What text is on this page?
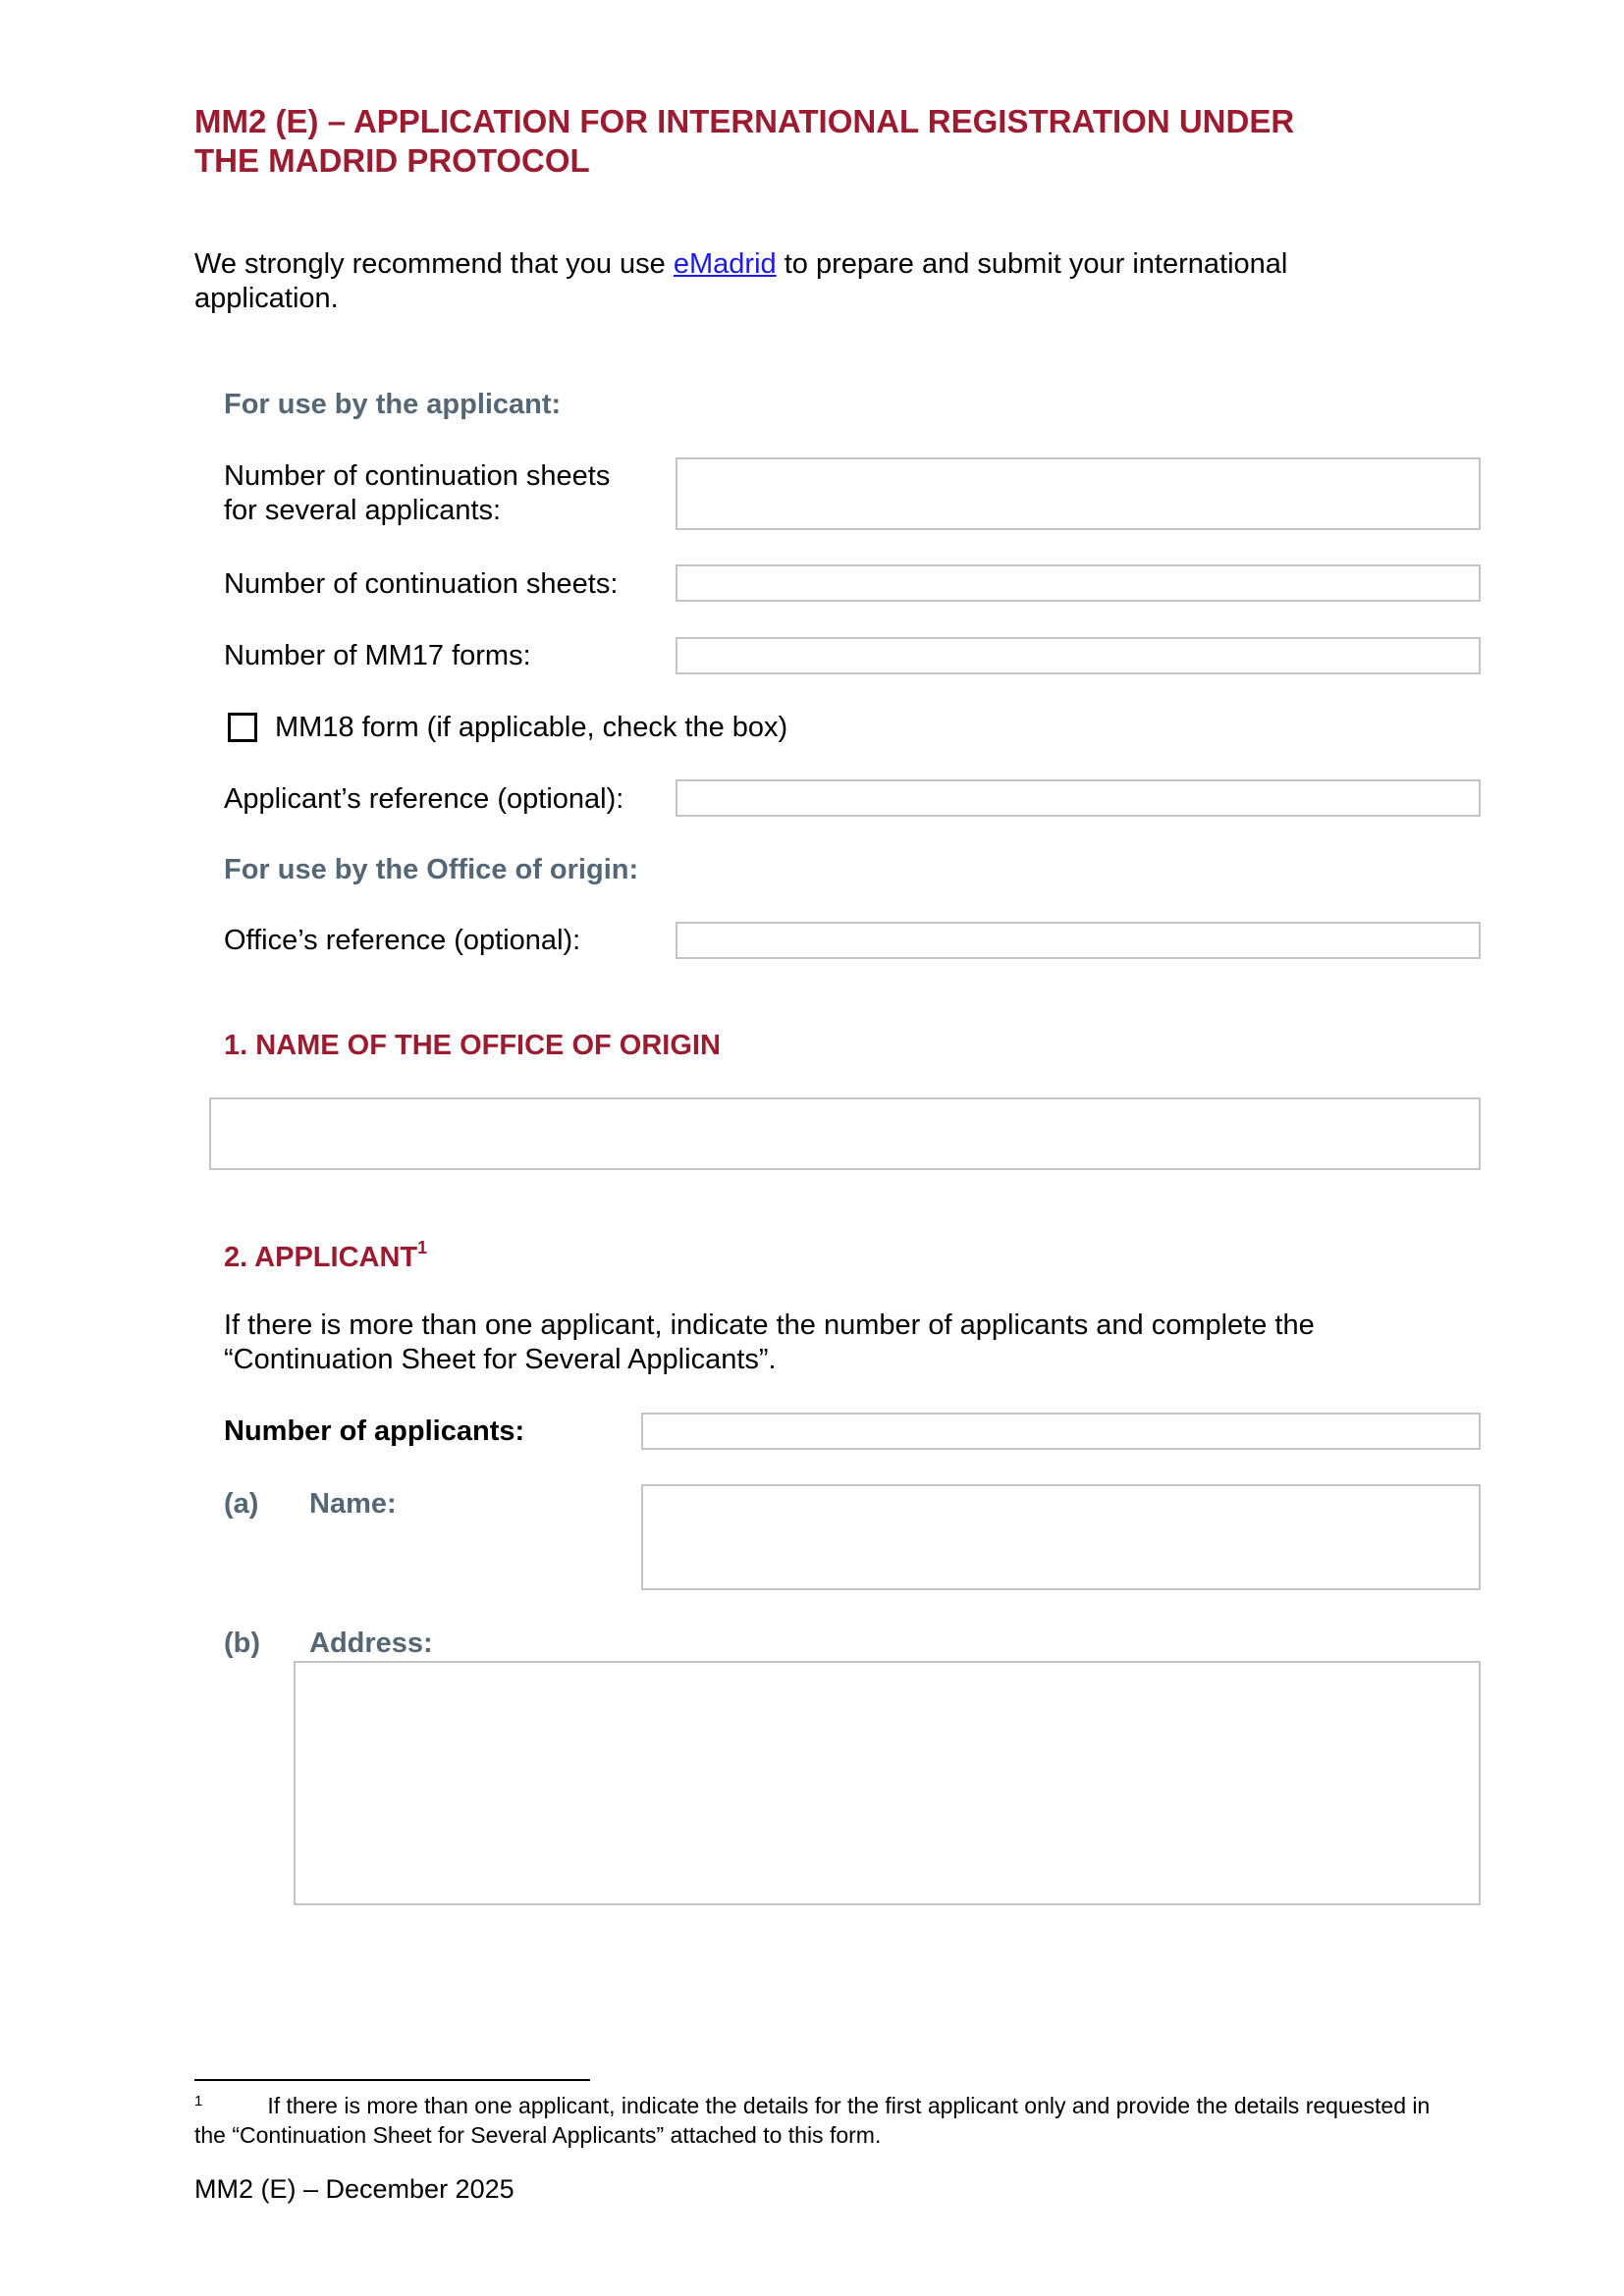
MM2 (E) – APPLICATION FOR INTERNATIONAL REGISTRATION UNDER
THE MADRID PROTOCOL
We strongly recommend that you use eMadrid to prepare and submit your international application.
For use by the applicant:
Number of continuation sheets
for several applicants:
Number of continuation sheets:
Number of MM17 forms:
MM18 form (if applicable, check the box)
Applicant’s reference (optional):
For use by the Office of origin:
Office’s reference (optional):
1. NAME OF THE OFFICE OF ORIGIN
2. APPLICANT$^1$
If there is more than one applicant, indicate the number of applicants and complete the “Continuation Sheet for Several Applicants”.
Number of applicants:
(a) Name:
(b) Address:
$^1$	If there is more than one applicant, indicate the details for the first applicant only and provide the details requested in the “Continuation Sheet for Several Applicants” attached to this form.
MM2 (E) – December 2025
